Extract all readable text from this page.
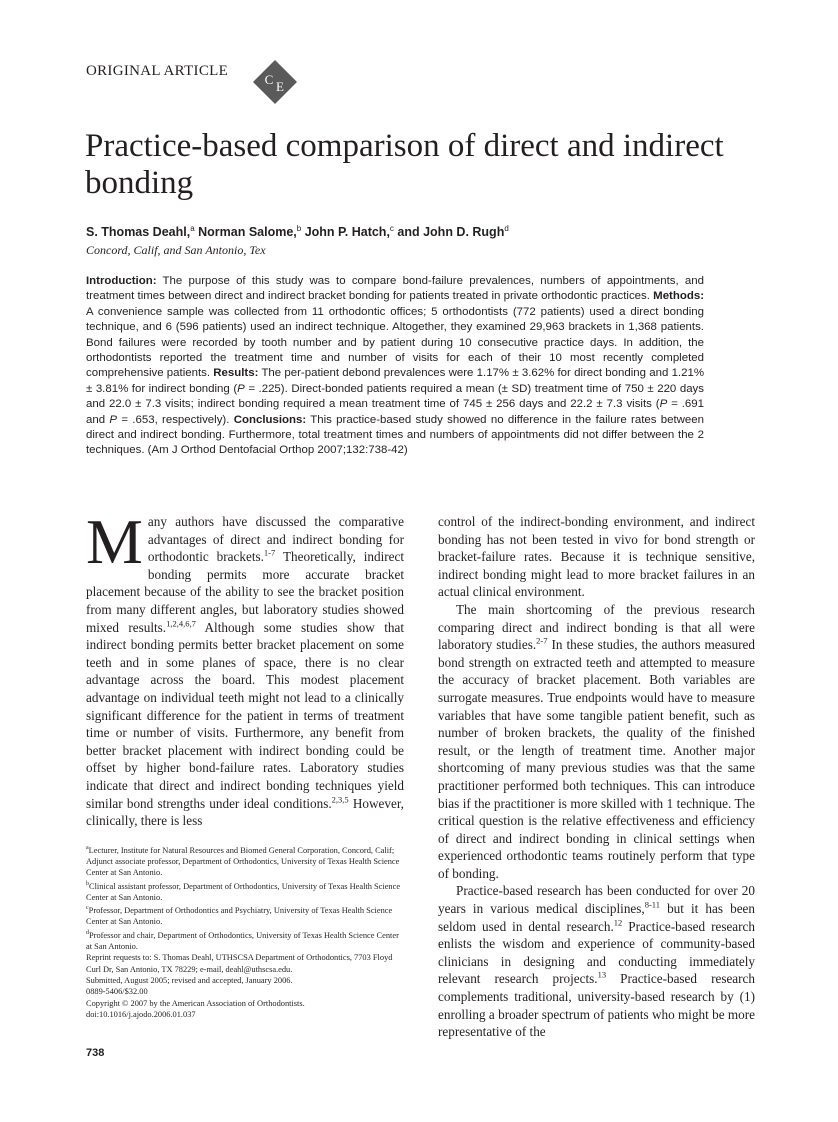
ORIGINAL ARTICLE
C E
Practice-based comparison of direct and indirect bonding
S. Thomas Deahl,$^a$ Norman Salome,$^b$ John P. Hatch,$^c$ and John D. Rugh$^d$
Concord, Calif, and San Antonio, Tex
Introduction: The purpose of this study was to compare bond-failure prevalences, numbers of appointments, and treatment times between direct and indirect bracket bonding for patients treated in private orthodontic practices. Methods: A convenience sample was collected from 11 orthodontic offices; 5 orthodontists (772 patients) used a direct bonding technique, and 6 (596 patients) used an indirect technique. Altogether, they examined 29,963 brackets in 1,368 patients. Bond failures were recorded by tooth number and by patient during 10 consecutive practice days. In addition, the orthodontists reported the treatment time and number of visits for each of their 10 most recently completed comprehensive patients. Results: The per-patient debond prevalences were 1.17% ± 3.62% for direct bonding and 1.21% ± 3.81% for indirect bonding (P = .225). Direct-bonded patients required a mean (± SD) treatment time of 750 ± 220 days and 22.0 ± 7.3 visits; indirect bonding required a mean treatment time of 745 ± 256 days and 22.2 ± 7.3 visits (P = .691 and P = .653, respectively). Conclusions: This practice-based study showed no difference in the failure rates between direct and indirect bonding. Furthermore, total treatment times and numbers of appointments did not differ between the 2 techniques. (Am J Orthod Dentofacial Orthop 2007;132:738-42)

Many authors have discussed the comparative advantages of direct and indirect bonding for orthodontic brackets.$^{1-7}$ Theoretically, indirect bonding permits more accurate bracket placement because of the ability to see the bracket position from many different angles, but laboratory studies showed mixed results.$^{1,2,4,6,7}$ Although some studies show that indirect bonding permits better bracket placement on some teeth and in some planes of space, there is no clear advantage across the board. This modest placement advantage on individual teeth might not lead to a clinically significant difference for the patient in terms of treatment time or number of visits. Furthermore, any benefit from better bracket placement with indirect bonding could be offset by higher bond-failure rates. Laboratory studies indicate that direct and indirect bonding techniques yield similar bond strengths under ideal conditions.$^{2,3,5}$ However, clinically, there is less

$^a$Lecturer, Institute for Natural Resources and Biomed General Corporation, Concord, Calif; Adjunct associate professor, Department of Orthodontics, University of Texas Health Science Center at San Antonio.
$^b$Clinical assistant professor, Department of Orthodontics, University of Texas Health Science Center at San Antonio.
$^c$Professor, Department of Orthodontics and Psychiatry, University of Texas Health Science Center at San Antonio.
$^d$Professor and chair, Department of Orthodontics, University of Texas Health Science Center at San Antonio.
Reprint requests to: S. Thomas Deahl, UTHSCSA Department of Orthodontics, 7703 Floyd Curl Dr, San Antonio, TX 78229; e-mail, deahl@uthscsa.edu.
Submitted, August 2005; revised and accepted, January 2006.
0889-5406/$32.00
Copyright © 2007 by the American Association of Orthodontists.
doi:10.1016/j.ajodo.2006.01.037

control of the indirect-bonding environment, and indirect bonding has not been tested in vivo for bond strength or bracket-failure rates. Because it is technique sensitive, indirect bonding might lead to more bracket failures in an actual clinical environment.

The main shortcoming of the previous research comparing direct and indirect bonding is that all were laboratory studies.$^{2-7}$ In these studies, the authors measured bond strength on extracted teeth and attempted to measure the accuracy of bracket placement. Both variables are surrogate measures. True endpoints would have to measure variables that have some tangible patient benefit, such as number of broken brackets, the quality of the finished result, or the length of treatment time. Another major shortcoming of many previous studies was that the same practitioner performed both techniques. This can introduce bias if the practitioner is more skilled with 1 technique. The critical question is the relative effectiveness and efficiency of direct and indirect bonding in clinical settings when experienced orthodontic teams routinely perform that type of bonding.

Practice-based research has been conducted for over 20 years in various medical disciplines,$^{8-11}$ but it has been seldom used in dental research.$^{12}$ Practice-based research enlists the wisdom and experience of community-based clinicians in designing and conducting immediately relevant research projects.$^{13}$ Practice-based research complements traditional, university-based research by (1) enrolling a broader spectrum of patients who might be more representative of the

738
